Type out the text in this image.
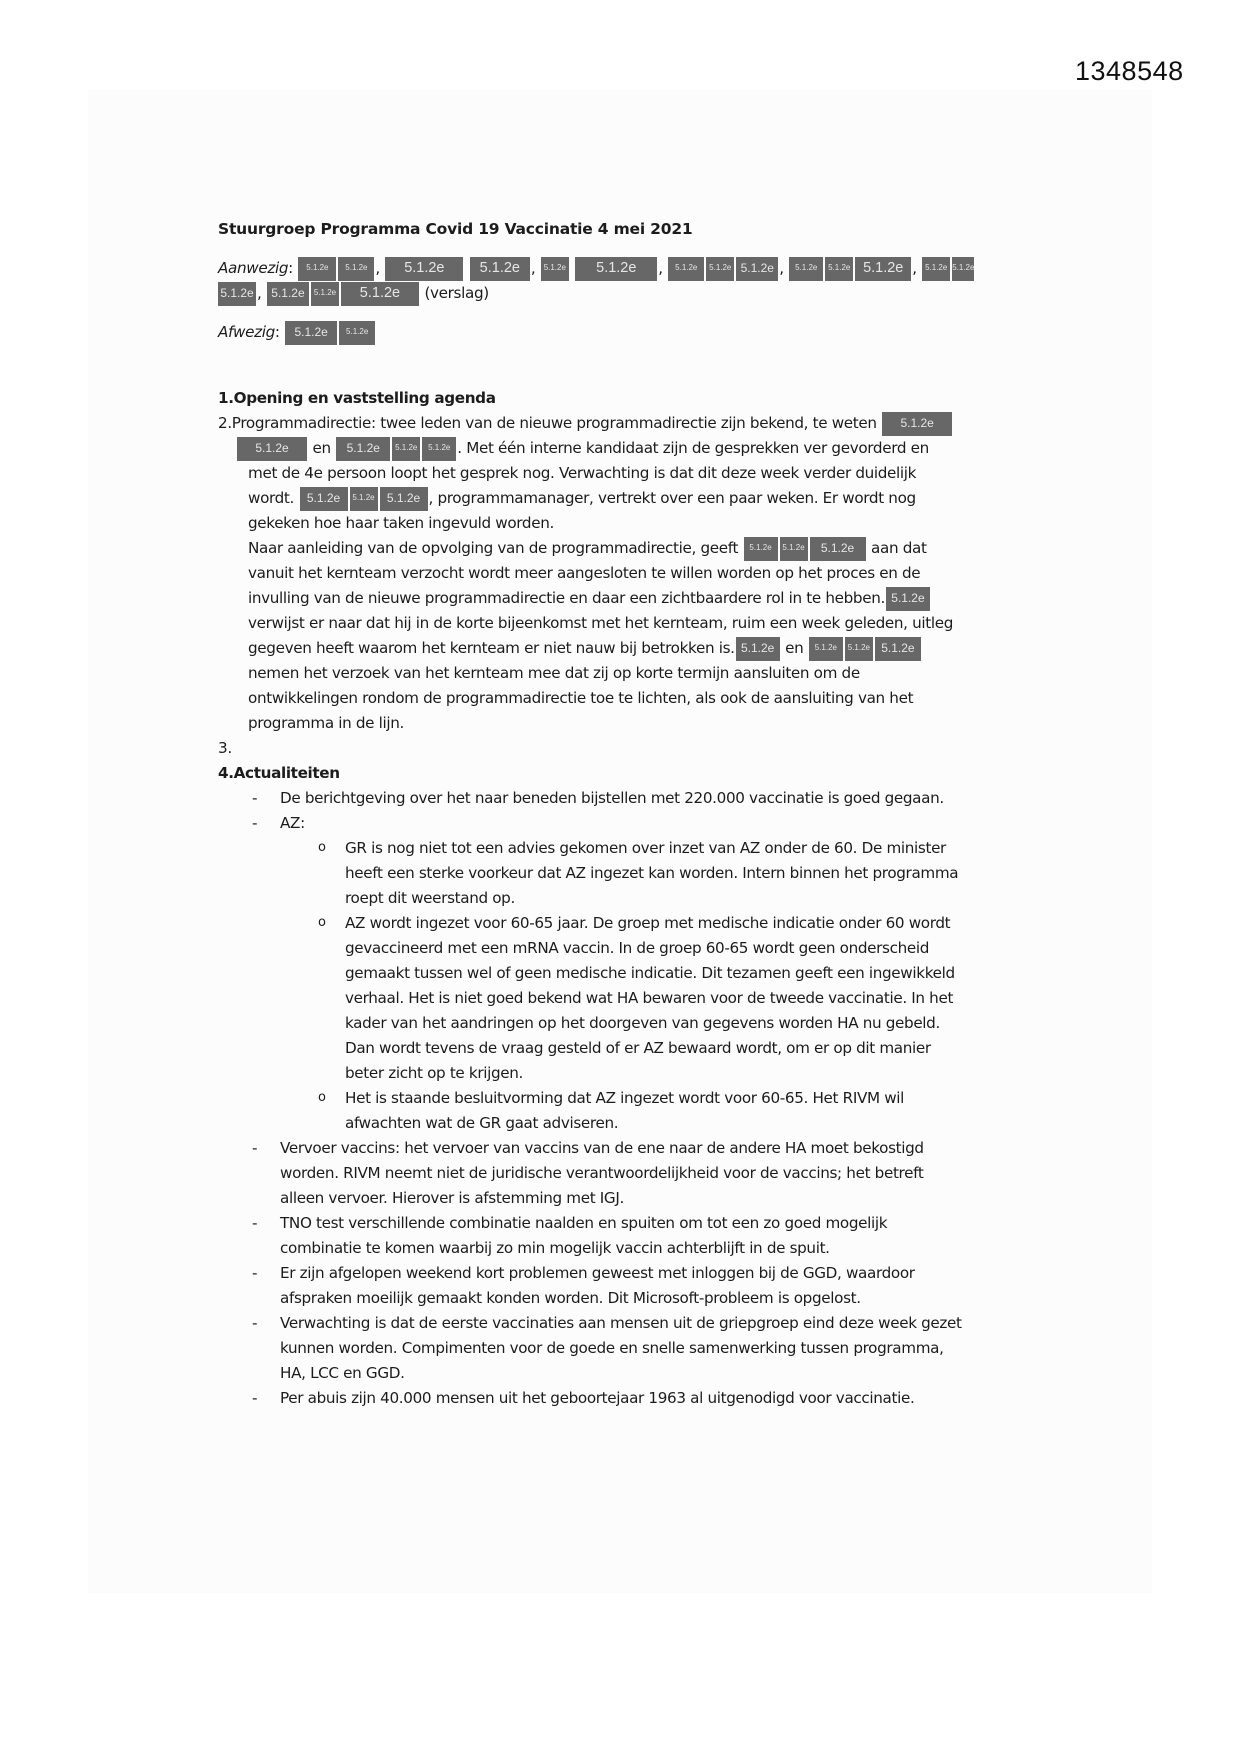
1348548
Stuurgroep Programma Covid 19 Vaccinatie 4 mei 2021
Aanwezig: 5.1.2e 5.1.2e , 5.1.2e 5.1.2e , 5.1.2e 5.1.2e , 5.1.2e 5.1.2e 5.1.2e , 5.1.2e 5.1.2e 5.1.2e , 5.1.2e 5.1.2e
5.1.2e , 5.1.2e 5.1.2e 5.1.2e (verslag)
Afwezig: 5.1.2e 5.1.2e
1.Opening en vaststelling agenda
2.Programmadirectie: twee leden van de nieuwe programmadirectie zijn bekend, te weten 5.1.2e
5.1.2e en 5.1.2e 5.1.2e 5.1.2e . Met één interne kandidaat zijn de gesprekken ver gevorderd en
met de 4e persoon loopt het gesprek nog. Verwachting is dat dit deze week verder duidelijk
wordt. 5.1.2e 5.1.2e 5.1.2e , programmamanager, vertrekt over een paar weken. Er wordt nog
gekeken hoe haar taken ingevuld worden.
Naar aanleiding van de opvolging van de programmadirectie, geeft 5.1.2e 5.1.2e 5.1.2e aan dat
vanuit het kernteam verzocht wordt meer aangesloten te willen worden op het proces en de
invulling van de nieuwe programmadirectie en daar een zichtbaardere rol in te hebben. 5.1.2e
verwijst er naar dat hij in de korte bijeenkomst met het kernteam, ruim een week geleden, uitleg
gegeven heeft waarom het kernteam er niet nauw bij betrokken is. 5.1.2e en 5.1.2e 5.1.2e 5.1.2e
nemen het verzoek van het kernteam mee dat zij op korte termijn aansluiten om de
ontwikkelingen rondom de programmadirectie toe te lichten, als ook de aansluiting van het
programma in de lijn.
3.
4.Actualiteiten
- De berichtgeving over het naar beneden bijstellen met 220.000 vaccinatie is goed gegaan.
- AZ:
o GR is nog niet tot een advies gekomen over inzet van AZ onder de 60. De minister
heeft een sterke voorkeur dat AZ ingezet kan worden. Intern binnen het programma
roept dit weerstand op.
o AZ wordt ingezet voor 60-65 jaar. De groep met medische indicatie onder 60 wordt
gevaccineerd met een mRNA vaccin. In de groep 60-65 wordt geen onderscheid
gemaakt tussen wel of geen medische indicatie. Dit tezamen geeft een ingewikkeld
verhaal. Het is niet goed bekend wat HA bewaren voor de tweede vaccinatie. In het
kader van het aandringen op het doorgeven van gegevens worden HA nu gebeld.
Dan wordt tevens de vraag gesteld of er AZ bewaard wordt, om er op dit manier
beter zicht op te krijgen.
o Het is staande besluitvorming dat AZ ingezet wordt voor 60-65. Het RIVM wil
afwachten wat de GR gaat adviseren.
- Vervoer vaccins: het vervoer van vaccins van de ene naar de andere HA moet bekostigd
worden. RIVM neemt niet de juridische verantwoordelijkheid voor de vaccins; het betreft
alleen vervoer. Hierover is afstemming met IGJ.
- TNO test verschillende combinatie naalden en spuiten om tot een zo goed mogelijk
combinatie te komen waarbij zo min mogelijk vaccin achterblijft in de spuit.
- Er zijn afgelopen weekend kort problemen geweest met inloggen bij de GGD, waardoor
afspraken moeilijk gemaakt konden worden. Dit Microsoft-probleem is opgelost.
- Verwachting is dat de eerste vaccinaties aan mensen uit de griepgroep eind deze week gezet
kunnen worden. Compimenten voor de goede en snelle samenwerking tussen programma,
HA, LCC en GGD.
- Per abuis zijn 40.000 mensen uit het geboortejaar 1963 al uitgenodigd voor vaccinatie.
